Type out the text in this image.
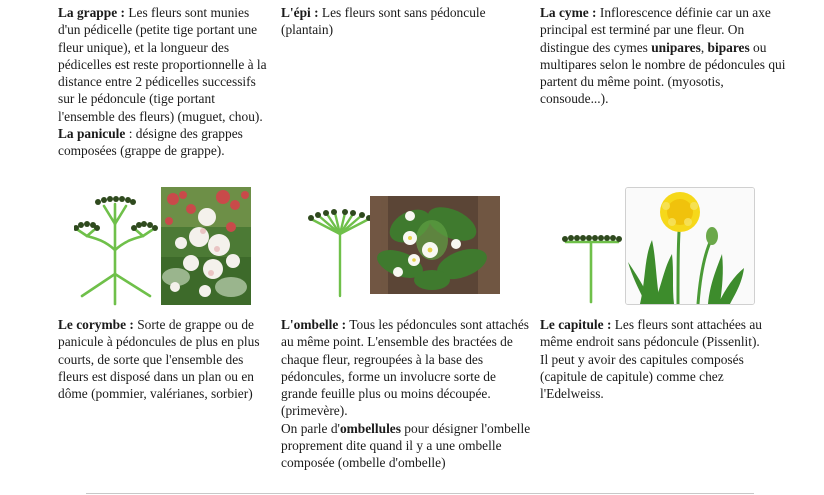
La grappe : Les fleurs sont munies d'un pédicelle (petite tige portant une fleur unique), et la longueur des pédicelles est reste proportionnelle à la distance entre 2 pédicelles successifs sur le pédoncule (tige portant l'ensemble des fleurs) (muguet, chou).
La panicule : désigne des grappes composées (grappe de grappe).
L'épi : Les fleurs sont sans pédoncule (plantain)
La cyme : Inflorescence définie car un axe principal est terminé par une fleur. On distingue des cymes unipares, bipares ou multipares selon le nombre de pédoncules qui partent du même point. (myosotis, consoude...).
Le corymbe : Sorte de grappe ou de panicule à pédoncules de plus en plus courts, de sorte que l'ensemble des fleurs est disposé dans un plan ou en dôme (pommier, valérianes, sorbier)
L'ombelle : Tous les pédoncules sont attachés au même point. L'ensemble des bractées de chaque fleur, regroupées à la base des pédoncules, forme un involucre sorte de grande feuille plus ou moins découpée. (primevère).
On parle d'ombellules pour désigner l'ombelle proprement dite quand il y a une ombelle composée (ombelle d'ombelle)
Le capitule : Les fleurs sont attachées au même endroit sans pédoncule (Pissenlit).
Il peut y avoir des capitules composés (capitule de capitule) comme chez l'Edelweiss.
